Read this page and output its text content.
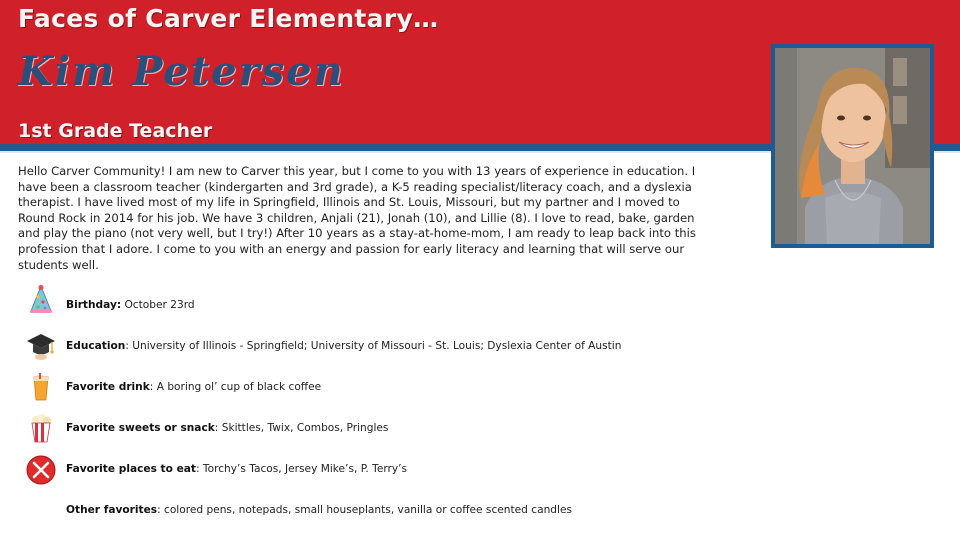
Faces of Carver Elementary…
Kim Petersen
1st Grade Teacher

Hello Carver Community! I am new to Carver this year, but I come to you with 13 years of experience in education. I have been a classroom teacher (kindergarten and 3rd grade), a K-5 reading specialist/literacy coach, and a dyslexia therapist. I have lived most of my life in Springfield, Illinois and St. Louis, Missouri, but my partner and I moved to Round Rock in 2014 for his job. We have 3 children, Anjali (21), Jonah (10), and Lillie (8). I love to read, bake, garden and play the piano (not very well, but I try!) After 10 years as a stay-at-home-mom, I am ready to leap back into this profession that I adore. I come to you with an energy and passion for early literacy and learning that will serve our students well.

Birthday: October 23rd
Education: University of Illinois - Springfield; University of Missouri - St. Louis; Dyslexia Center of Austin
Favorite drink: A boring ol’ cup of black coffee
Favorite sweets or snack: Skittles, Twix, Combos, Pringles
Favorite places to eat: Torchy’s Tacos, Jersey Mike’s, P. Terry’s
Other favorites: colored pens, notepads, small houseplants, vanilla or coffee scented candles
